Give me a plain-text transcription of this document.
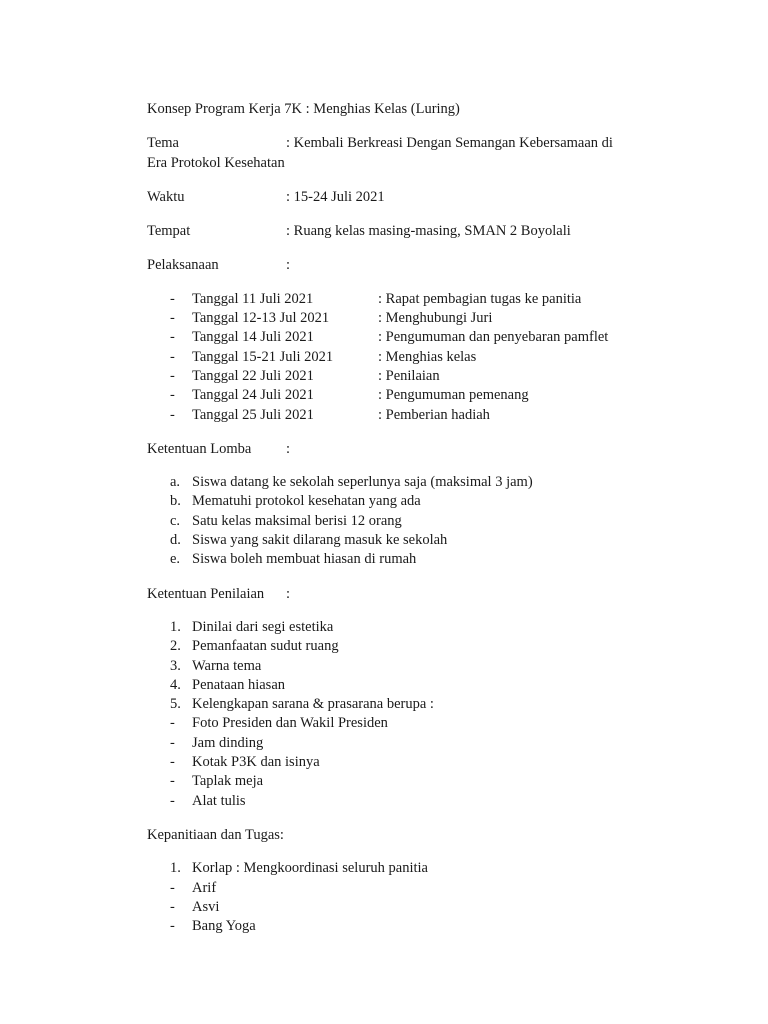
Konsep Program Kerja 7K : Menghias Kelas (Luring)
Tema	: Kembali Berkreasi Dengan Semangan Kebersamaan di
Era Protokol Kesehatan
Waktu	: 15-24 Juli 2021
Tempat	: Ruang kelas masing-masing, SMAN 2 Boyolali
Pelaksanaan	:
-	Tanggal 11 Juli 2021	: Rapat pembagian tugas ke panitia
-	Tanggal 12-13 Jul 2021	: Menghubungi Juri
-	Tanggal 14 Juli 2021	: Pengumuman dan penyebaran pamflet
-	Tanggal 15-21 Juli 2021	: Menghias kelas
-	Tanggal 22 Juli 2021	: Penilaian
-	Tanggal 24 Juli 2021	: Pengumuman pemenang
-	Tanggal 25 Juli 2021	: Pemberian hadiah
Ketentuan Lomba	:
a. Siswa datang ke sekolah seperlunya saja (maksimal 3 jam)
b. Mematuhi protokol kesehatan yang ada
c. Satu kelas maksimal berisi 12 orang
d. Siswa yang sakit dilarang masuk ke sekolah
e. Siswa boleh membuat hiasan di rumah
Ketentuan Penilaian	:
1. Dinilai dari segi estetika
2. Pemanfaatan sudut ruang
3. Warna tema
4. Penataan hiasan
5. Kelengkapan sarana & prasarana berupa :
-	Foto Presiden dan Wakil Presiden
-	Jam dinding
-	Kotak P3K dan isinya
-	Taplak meja
-	Alat tulis
Kepanitiaan dan Tugas:
1. Korlap : Mengkoordinasi seluruh panitia
-	Arif
-	Asvi
-	Bang Yoga
